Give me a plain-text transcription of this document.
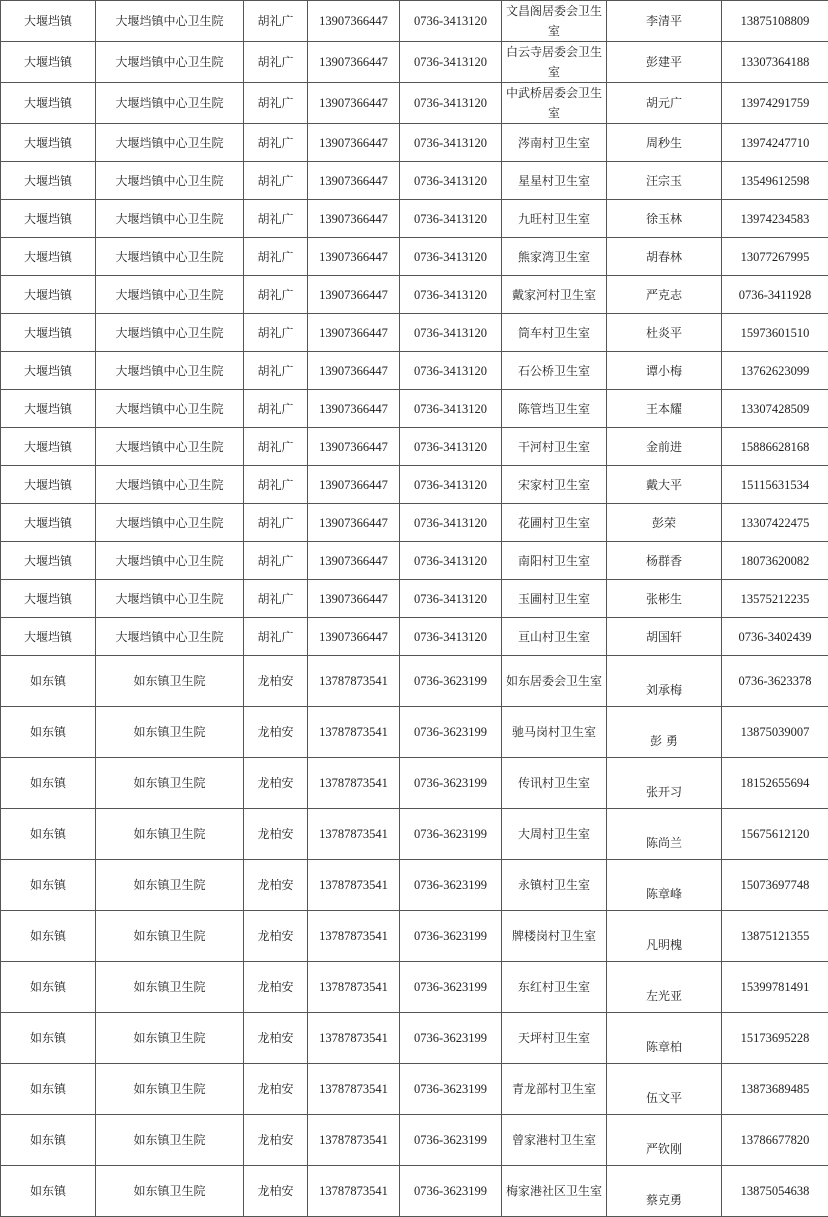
大堰垱镇	大堰垱镇中心卫生院	胡礼广	13907366447	0736-3413120	文昌阁居委会卫生室	李清平	13875108809
大堰垱镇	大堰垱镇中心卫生院	胡礼广	13907366447	0736-3413120	白云寺居委会卫生室	彭建平	13307364188
大堰垱镇	大堰垱镇中心卫生院	胡礼广	13907366447	0736-3413120	中武桥居委会卫生室	胡元广	13974291759
大堰垱镇	大堰垱镇中心卫生院	胡礼广	13907366447	0736-3413120	涔南村卫生室	周秒生	13974247710
大堰垱镇	大堰垱镇中心卫生院	胡礼广	13907366447	0736-3413120	星星村卫生室	汪宗玉	13549612598
大堰垱镇	大堰垱镇中心卫生院	胡礼广	13907366447	0736-3413120	九旺村卫生室	徐玉林	13974234583
大堰垱镇	大堰垱镇中心卫生院	胡礼广	13907366447	0736-3413120	熊家湾卫生室	胡春林	13077267995
大堰垱镇	大堰垱镇中心卫生院	胡礼广	13907366447	0736-3413120	戴家河村卫生室	严克志	0736-3411928
大堰垱镇	大堰垱镇中心卫生院	胡礼广	13907366447	0736-3413120	筒车村卫生室	杜炎平	15973601510
大堰垱镇	大堰垱镇中心卫生院	胡礼广	13907366447	0736-3413120	石公桥卫生室	谭小梅	13762623099
大堰垱镇	大堰垱镇中心卫生院	胡礼广	13907366447	0736-3413120	陈管垱卫生室	王本耀	13307428509
大堰垱镇	大堰垱镇中心卫生院	胡礼广	13907366447	0736-3413120	干河村卫生室	金前进	15886628168
大堰垱镇	大堰垱镇中心卫生院	胡礼广	13907366447	0736-3413120	宋家村卫生室	戴大平	15115631534
大堰垱镇	大堰垱镇中心卫生院	胡礼广	13907366447	0736-3413120	花圃村卫生室	彭荣	13307422475
大堰垱镇	大堰垱镇中心卫生院	胡礼广	13907366447	0736-3413120	南阳村卫生室	杨群香	18073620082
大堰垱镇	大堰垱镇中心卫生院	胡礼广	13907366447	0736-3413120	玉圃村卫生室	张彬生	13575212235
大堰垱镇	大堰垱镇中心卫生院	胡礼广	13907366447	0736-3413120	亘山村卫生室	胡国轩	0736-3402439
如东镇	如东镇卫生院	龙柏安	13787873541	0736-3623199	如东居委会卫生室	刘承梅	0736-3623378
如东镇	如东镇卫生院	龙柏安	13787873541	0736-3623199	驰马岗村卫生室	彭 勇	13875039007
如东镇	如东镇卫生院	龙柏安	13787873541	0736-3623199	传讯村卫生室	张开习	18152655694
如东镇	如东镇卫生院	龙柏安	13787873541	0736-3623199	大周村卫生室	陈尚兰	15675612120
如东镇	如东镇卫生院	龙柏安	13787873541	0736-3623199	永镇村卫生室	陈章峰	15073697748
如东镇	如东镇卫生院	龙柏安	13787873541	0736-3623199	牌楼岗村卫生室	凡明槐	13875121355
如东镇	如东镇卫生院	龙柏安	13787873541	0736-3623199	东红村卫生室	左光亚	15399781491
如东镇	如东镇卫生院	龙柏安	13787873541	0736-3623199	天坪村卫生室	陈章柏	15173695228
如东镇	如东镇卫生院	龙柏安	13787873541	0736-3623199	青龙部村卫生室	伍文平	13873689485
如东镇	如东镇卫生院	龙柏安	13787873541	0736-3623199	曾家港村卫生室	严钦刚	13786677820
如东镇	如东镇卫生院	龙柏安	13787873541	0736-3623199	梅家港社区卫生室	蔡克勇	13875054638
